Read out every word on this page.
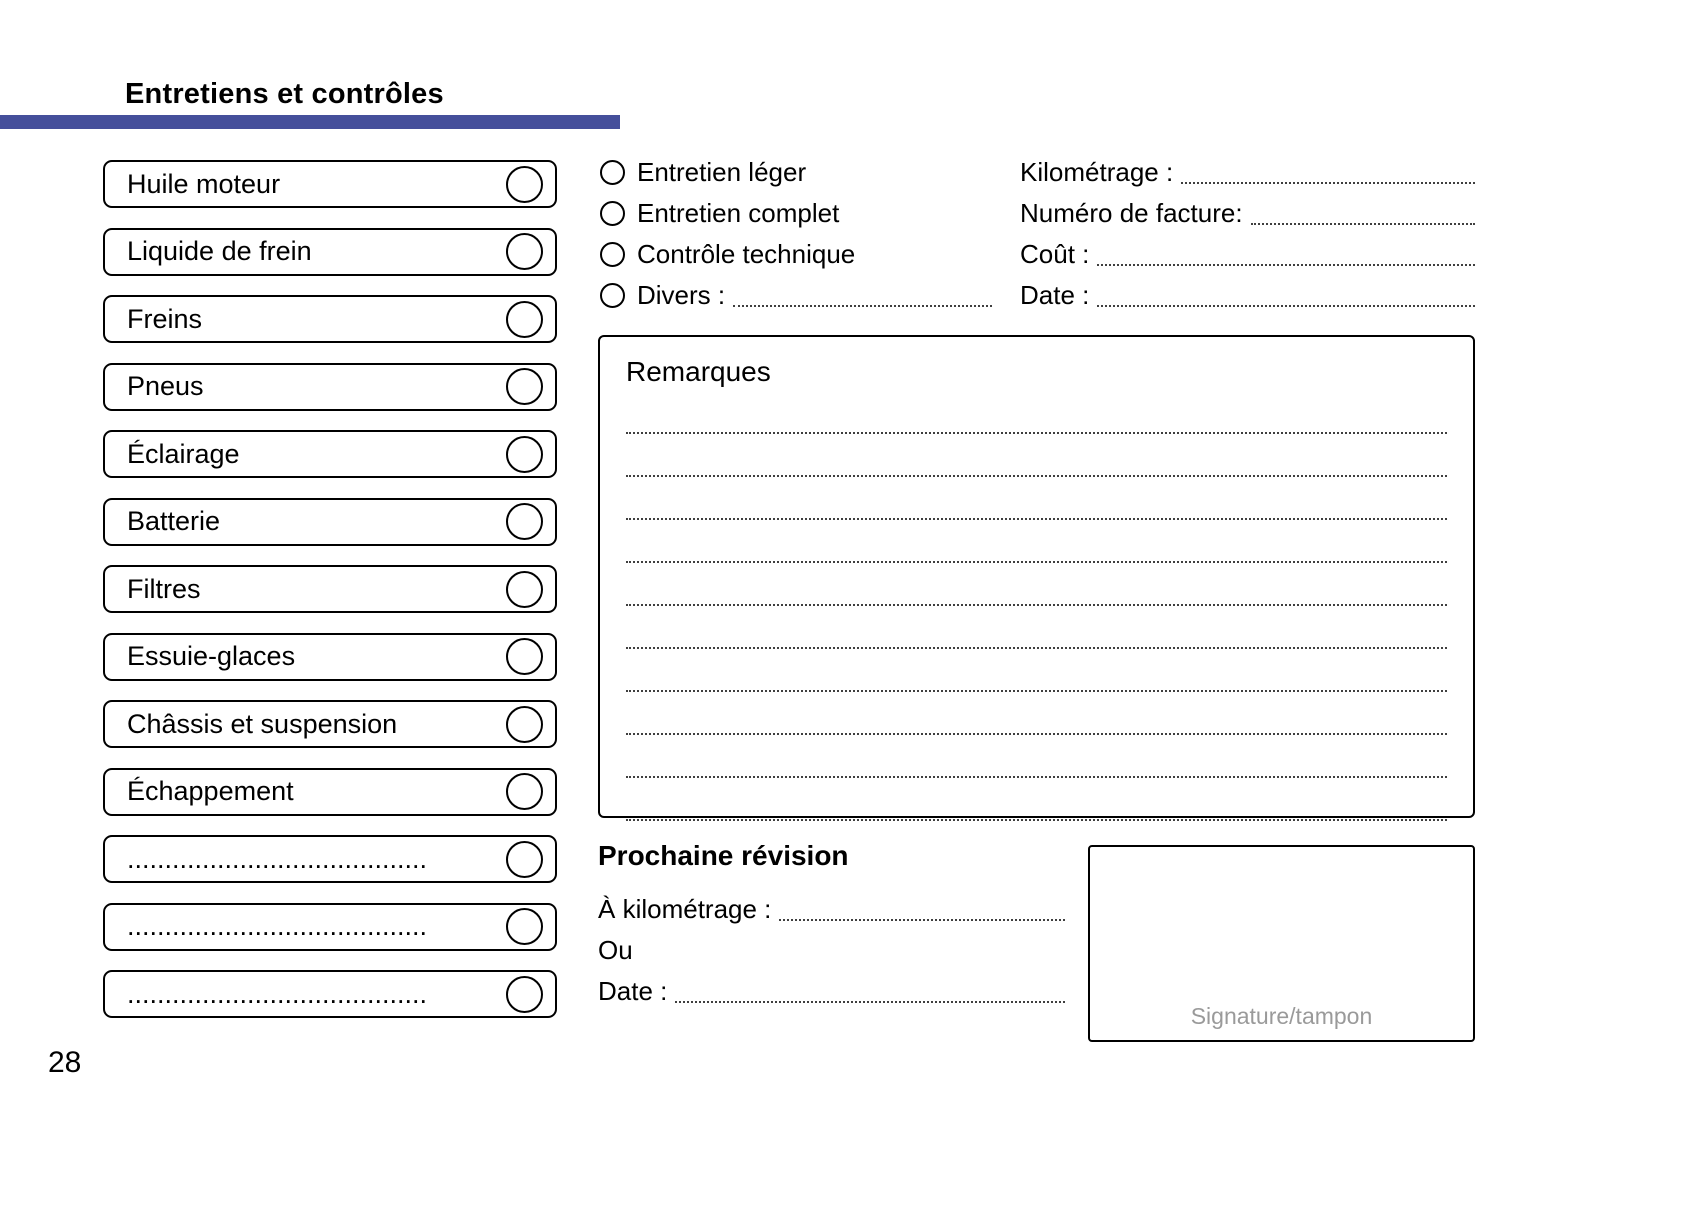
Entretiens et contrôles
Huile moteur
Liquide de frein
Freins
Pneus
Éclairage
Batterie
Filtres
Essuie-glaces
Châssis et suspension
Échappement
........................................
........................................
........................................
Entretien léger
Entretien complet
Contrôle technique
Divers :
Kilométrage :
Numéro de facture:
Coût :
Date :
Remarques
Prochaine révision
À kilométrage :
Ou
Date :
Signature/tampon
28
